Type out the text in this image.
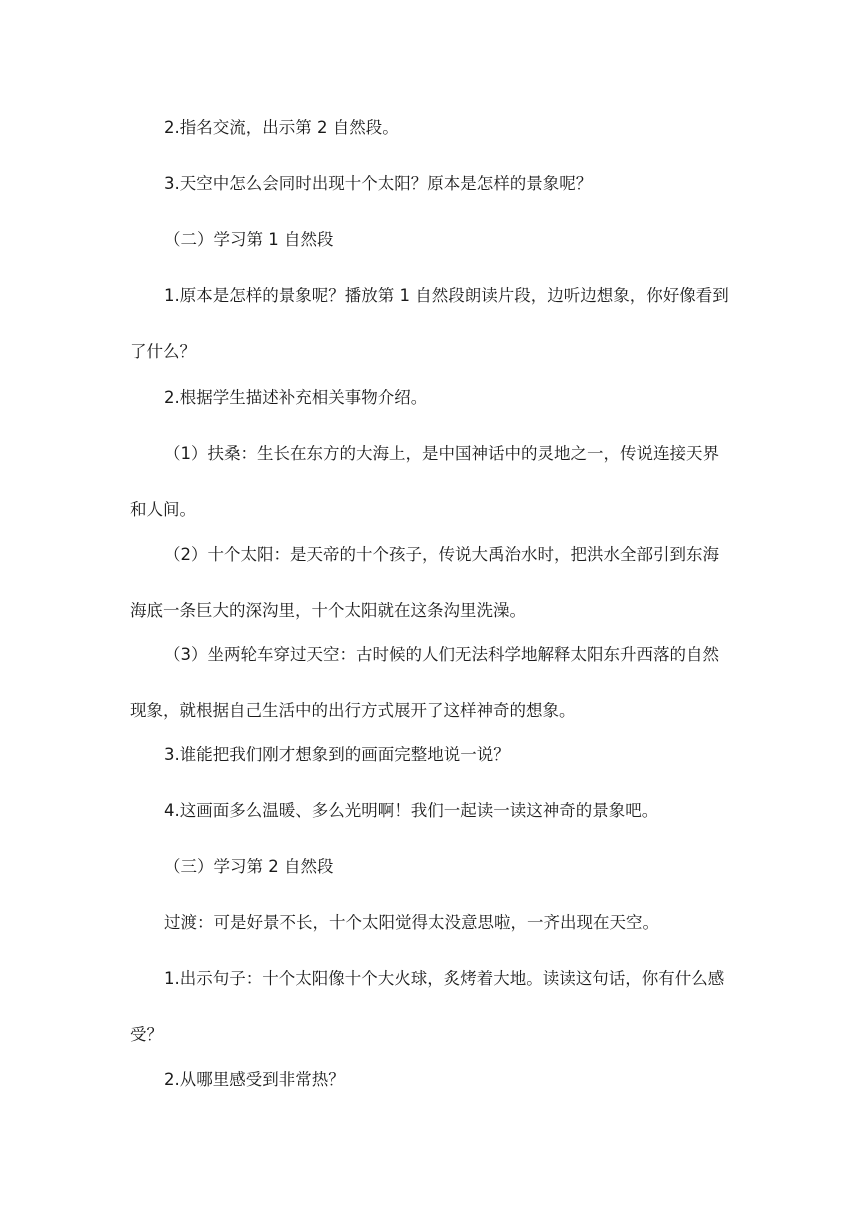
2.指名交流，出示第 2 自然段。
3.天空中怎么会同时出现十个太阳？原本是怎样的景象呢？
（二）学习第 1 自然段
1.原本是怎样的景象呢？播放第 1 自然段朗读片段，边听边想象，你好像看到了什么？
2.根据学生描述补充相关事物介绍。
（1）扶桑：生长在东方的大海上，是中国神话中的灵地之一，传说连接天界和人间。
（2）十个太阳：是天帝的十个孩子，传说大禹治水时，把洪水全部引到东海海底一条巨大的深沟里，十个太阳就在这条沟里洗澡。
（3）坐两轮车穿过天空：古时候的人们无法科学地解释太阳东升西落的自然现象，就根据自己生活中的出行方式展开了这样神奇的想象。
3.谁能把我们刚才想象到的画面完整地说一说？
4.这画面多么温暖、多么光明啊！我们一起读一读这神奇的景象吧。
（三）学习第 2 自然段
过渡：可是好景不长，十个太阳觉得太没意思啦，一齐出现在天空。
1.出示句子：十个太阳像十个大火球，炙烤着大地。读读这句话，你有什么感受？
2.从哪里感受到非常热？
